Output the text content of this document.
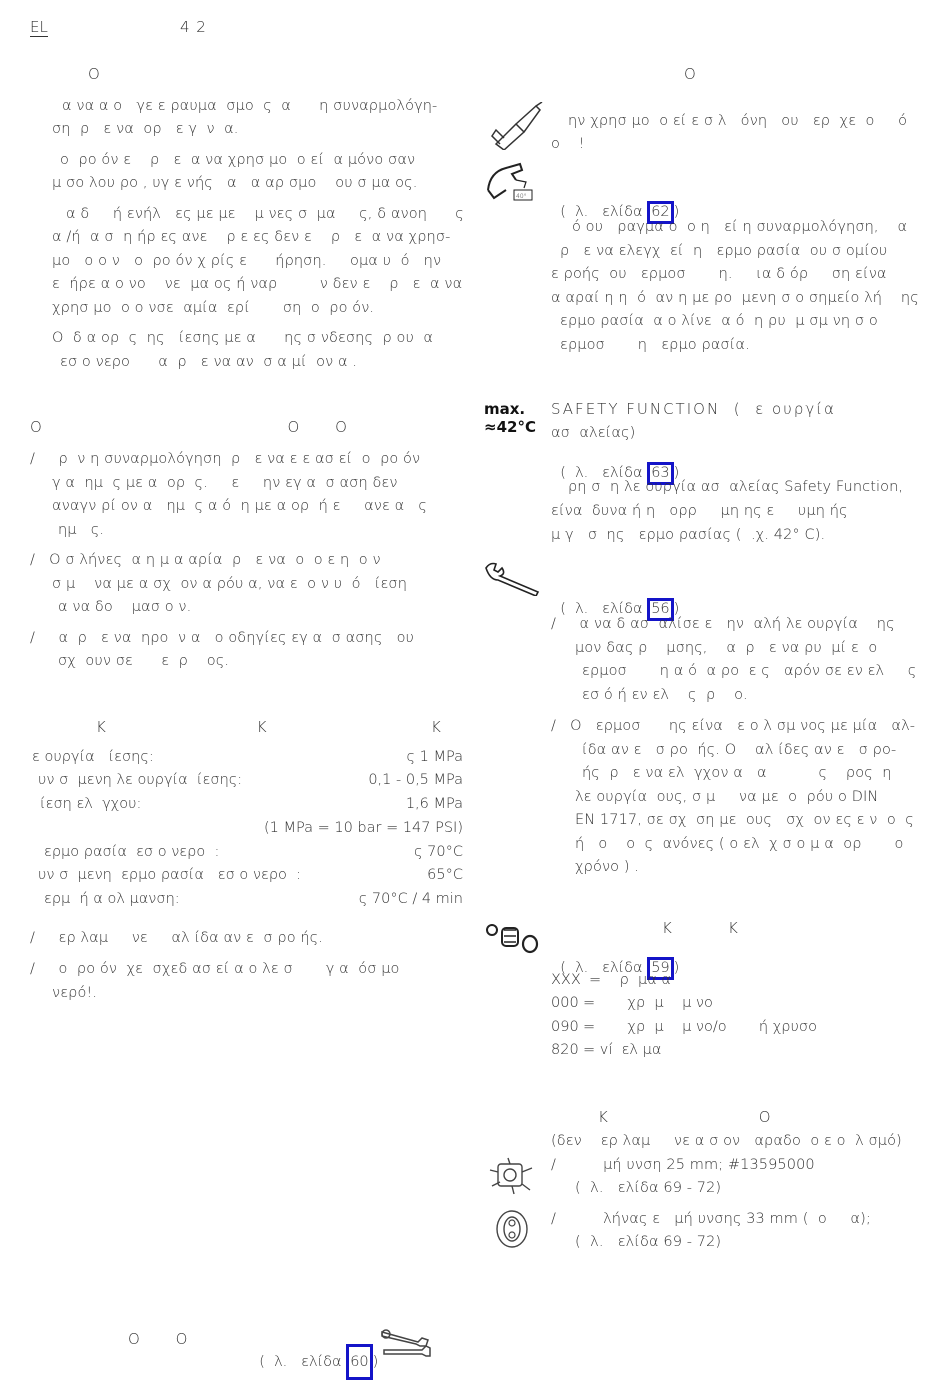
EL	4 2
Ο
α να α ο   γε ε ραυμα  σμο  ς  α      η συναρμολόγη-
ση  ρ   ε να  ορ   ε γ  ν  α.
ο  ρο όν ε    ρ   ε  α να χρησ μο  ο εί  α μόνο σαν
μ σο λου ρο , υγ ε νής   α   α αρ σμο    ου σ μα ος.
α δ     ή ενήλ   ες με με    μ νες σ  μα     ς, δ ανοη      ς
α /ή  α σ  η ήρ ες ανε    ρ ε ες δεν ε    ρ   ε  α να χρησ-
μο   ο ο ν   ο  ρο όν χ ρίς ε      ήρηση.     ομα υ  ό   ην
ε  ήρε α ο νο    νε  μα ος ή ναρ         ν δεν ε    ρ   ε  α να
χρησ μο  ο ο νσε  αμία  ερί       ση  ο  ρο όν.
Ο  δ α ορ  ς  ης   ίεσης με α      ης σ νδεσης  ρ ου  α
εσ ο νερο      α  ρ   ε να αν  σ α μί  ον α .
Ο                                    Ο     Ο
/     ρ  ν η συναρμολόγηση  ρ   ε να ε ε ασ εί  ο  ρο όν
γ α  ημ  ς με α  ορ  ς.     ε     ην εγ α  σ αση δεν
αναγν ρί ον α   ημ  ς α ό  η με α ορ  ή ε     ανε α   ς
ημ   ς.
/   Ο σ λήνες  α η μ α αρία  ρ   ε να  ο  ο ε η  ο ν
σ μ    να με α σχ  ον α ρόυ α, να ε  ο ν υ  ό   ίεση
α να δο    μασ ο ν.
/     α  ρ   ε να  ηρο  ν α   ο οδηγίες εγ α  σ ασης   ου
σχ  ουν σε      ε  ρ    ος.
K                      K                        K
ε ουργία   ίεσης:	ς 1 MPa
υν σ  μενη λε ουργία  ίεσης:	0,1 - 0,5 MPa
ίεση ελ  γχου:	1,6 MPa
(1 MPa = 10 bar = 147 PSI)
ερμο ρασία  εσ ο νερο  :	ς 70°C
υν σ  μενη  ερμο ρασία   εσ ο νερο  :	65°C
ερμ  ή α ολ μανση:	ς 70°C / 4 min
/     ερ λαμ     νε     αλ ίδα αν ε  σ ρο ής.
/     ο  ρο όν  χε  σχεδ ασ εί α ο λε σ       γ α  όσ μο
νερό!.
Ο     Ο

(  λ.   ελίδα 60 )

Ο
ην χρησ μο  ο εί ε σ λ   όνη   ου   ερ  χε  ο     ό
ο    !
40°

(  λ.   ελίδα 62 )

ό ου   ραγμα ο  ο η   εί η συναρμολόγηση,    α
ρ   ε να ελεγχ  εί  η   ερμο ρασία  ου σ ομίου
ε ροής  ου   ερμοσ       η.     ια δ όρ     ση είνα
α αραί η η  ό  αν η με ρο  μενη σ ο σημείο λή    ης
ερμο ρασία  α ο λίνε  α ό  η ρυ  μ σμ νη σ ο
ερμοσ       η   ερμο ρασία.
max.
≈42°C
SAFETY FUNCTION  (  ε ουργία
ασ  αλείας)

(  λ.   ελίδα 63 )

ρη σ  η λε ουργία ασ  αλείας Safety Function,
είνα  δυνα ή η   ορρ     μη ης ε     υμη ής
μ γ   σ  ης   ερμο ρασίας (  .χ. 42° C).

(  λ.   ελίδα 56 )

/     α να δ ασ  αλίσε ε   ην  αλή λε ουργία    ης
μον δας ρ    μσης,    α  ρ   ε να ρυ  μί ε  ο
ερμοσ       η α ό  α ρο  ε ς   αρόν σε εν ελ     ς
εσ ό ή εν ελ    ς  ρ    ο.
/   Ο   ερμοσ      ης είνα   ε ο λ σμ νος με μία   αλ-
ίδα αν ε   σ ρο  ής. Ο    αλ ίδες αν ε   σ ρο-
ής  ρ   ε να ελ  γχον α   α           ς    ρος  η
λε ουργία  ους, σ μ     να με  ο  ρόυ ο DIN
EN 1717, σε σχ  ση με  ους   σχ  ον ες ε ν  ο  ς
ή   ο    ο  ς  ανόνες ( ο ελ  χ σ ο μ α  ορ       ο
χρόνο ) .
K        K

(  λ.   ελίδα 59 )

XXX =    ρ  μα α
000 =       χρ  μ    μ νο
090 =       χρ  μ    μ νο/ο       ή χρυσο
820 = ví  ελ μα
K                      Ο
(δεν    ερ λαμ     νε α σ ον   αραδο  ο ε ο  λ σμό)
/          μή υνση 25 mm; #13595000
(  λ.   ελίδα 69 - 72)
/          λήνας ε   μή υνσης 33 mm (  ο     α);
(  λ.   ελίδα 69 - 72)
